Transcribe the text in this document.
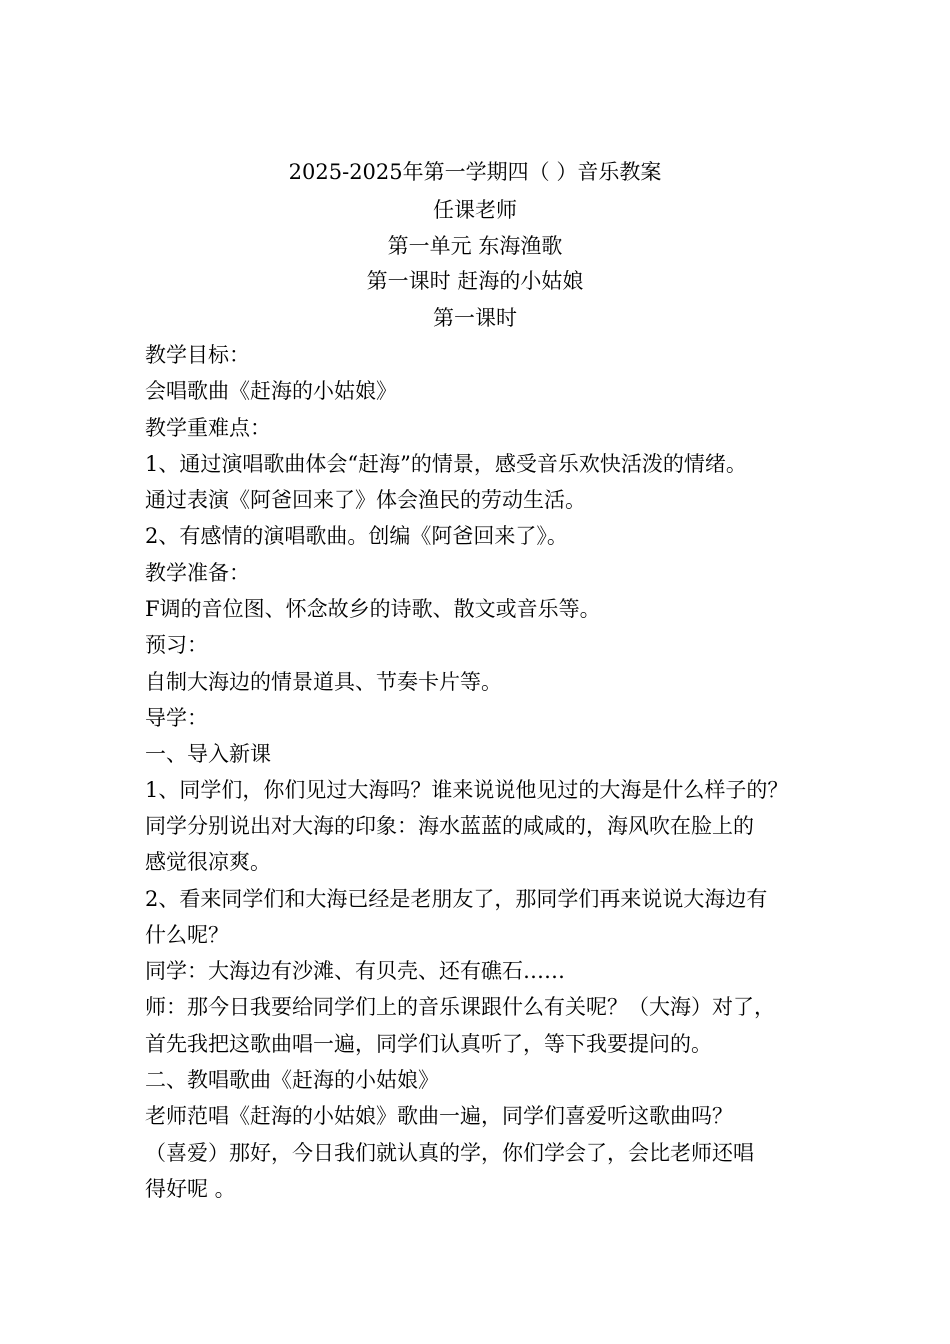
2025-2025年第一学期四（ ）音乐教案
任课老师
第一单元 东海渔歌
第一课时 赶海的小姑娘
第一课时
教学目标：
会唱歌曲《赶海的小姑娘》
教学重难点：
1、通过演唱歌曲体会“赶海”的情景，感受音乐欢快活泼的情绪。
通过表演《阿爸回来了》体会渔民的劳动生活。
2、有感情的演唱歌曲。创编《阿爸回来了》。
教学准备：
F调的音位图、怀念故乡的诗歌、散文或音乐等。
预习：
自制大海边的情景道具、节奏卡片等。
导学：
一、导入新课
1、同学们，你们见过大海吗？谁来说说他见过的大海是什么样子的？
同学分别说出对大海的印象：海水蓝蓝的咸咸的，海风吹在脸上的
感觉很凉爽。
2、看来同学们和大海已经是老朋友了，那同学们再来说说大海边有
什么呢？
同学：大海边有沙滩、有贝壳、还有礁石……
师：那今日我要给同学们上的音乐课跟什么有关呢？（大海）对了，
首先我把这歌曲唱一遍，同学们认真听了，等下我要提问的。
二、教唱歌曲《赶海的小姑娘》
老师范唱《赶海的小姑娘》歌曲一遍，同学们喜爱听这歌曲吗？
（喜爱）那好，今日我们就认真的学，你们学会了，会比老师还唱
得好呢 。
